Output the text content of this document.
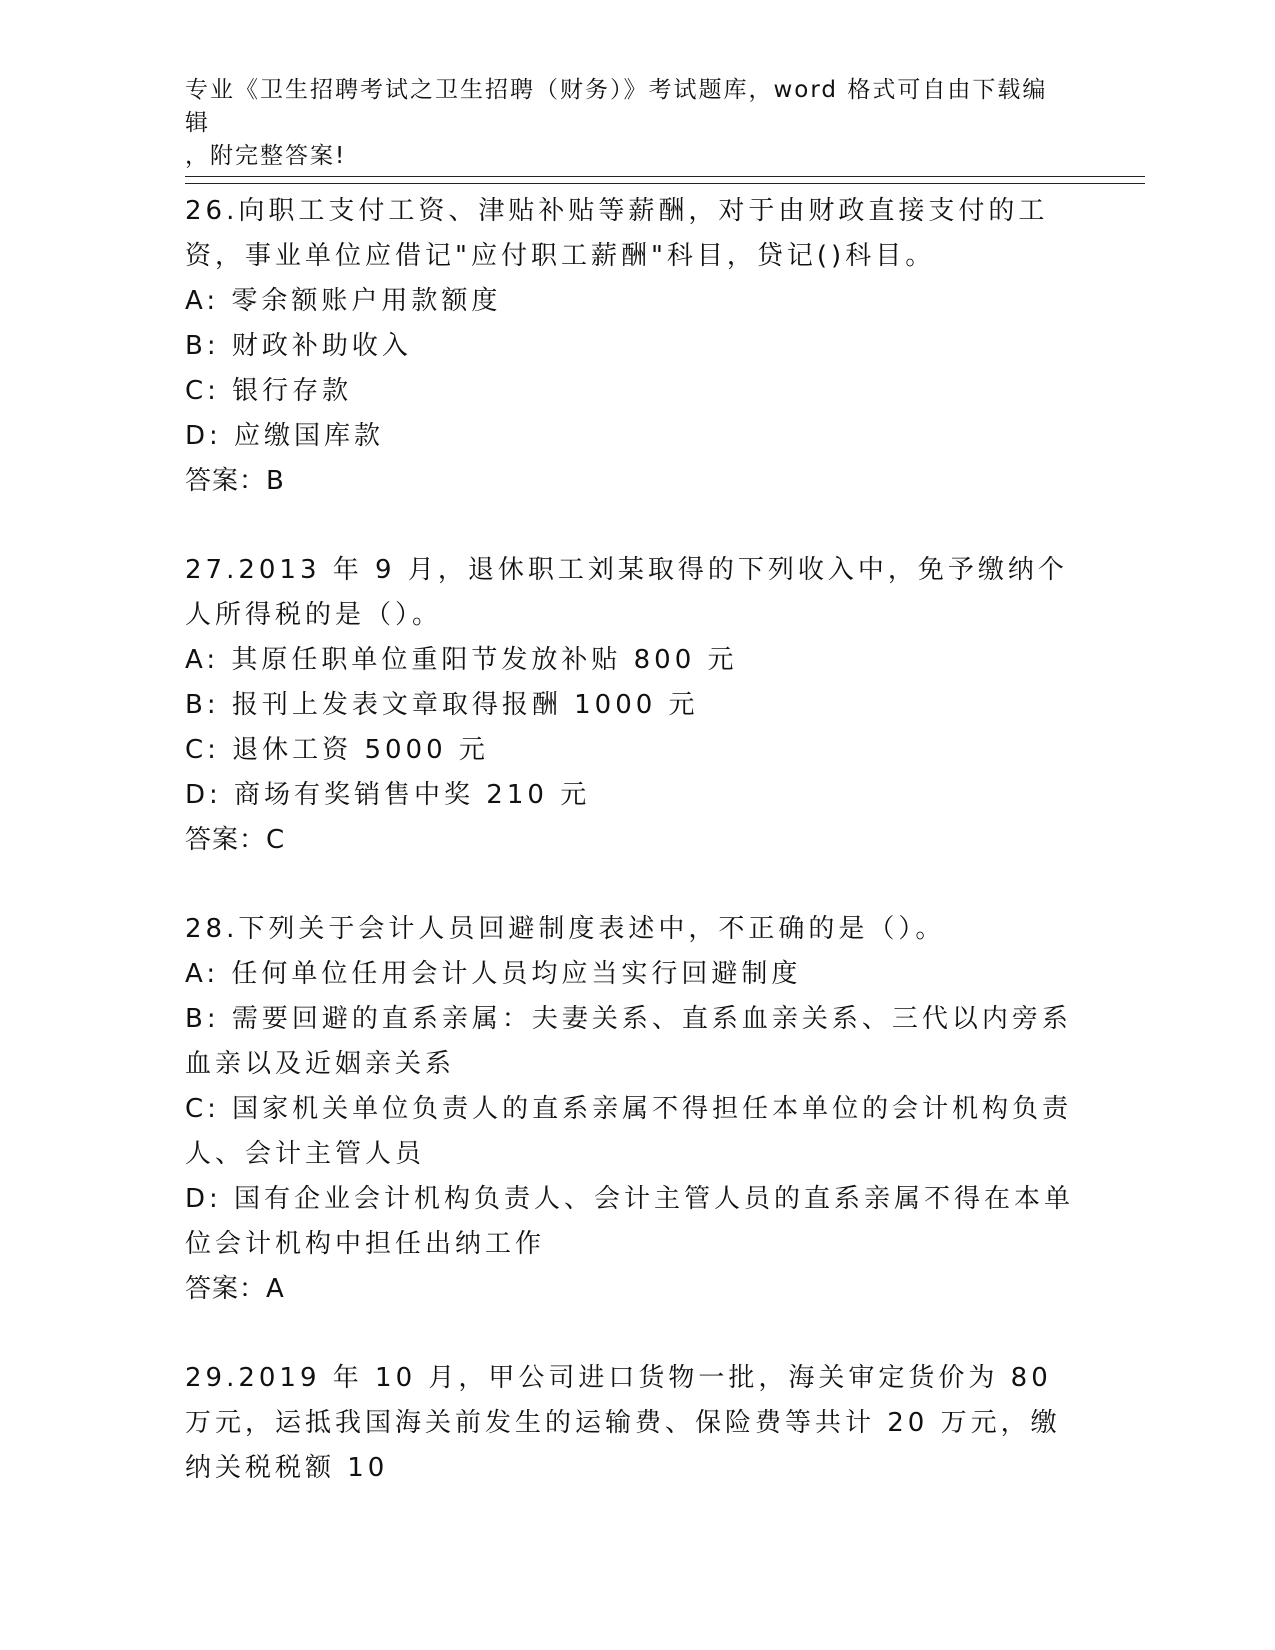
专业《卫生招聘考试之卫生招聘（财务）》考试题库，word 格式可自由下载编辑
，附完整答案!

26.向职工支付工资、津贴补贴等薪酬，对于由财政直接支付的工资，事业单位应借记"应付职工薪酬"科目，贷记()科目。

A: 零余额账户用款额度

B: 财政补助收入

C: 银行存款

D: 应缴国库款

答案：B

27.2013 年 9 月，退休职工刘某取得的下列收入中，免予缴纳个人所得税的是（）。

A: 其原任职单位重阳节发放补贴 800 元

B: 报刊上发表文章取得报酬 1000 元

C: 退休工资 5000 元

D: 商场有奖销售中奖 210 元

答案：C

28.下列关于会计人员回避制度表述中，不正确的是（）。

A: 任何单位任用会计人员均应当实行回避制度

B: 需要回避的直系亲属：夫妻关系、直系血亲关系、三代以内旁系血亲以及近姻亲关系

C: 国家机关单位负责人的直系亲属不得担任本单位的会计机构负责人、会计主管人员

D: 国有企业会计机构负责人、会计主管人员的直系亲属不得在本单位会计机构中担任出纳工作

答案：A

29.2019 年 10 月，甲公司进口货物一批，海关审定货价为 80 万元，运抵我国海关前发生的运输费、保险费等共计 20 万元，缴纳关税税额 10
